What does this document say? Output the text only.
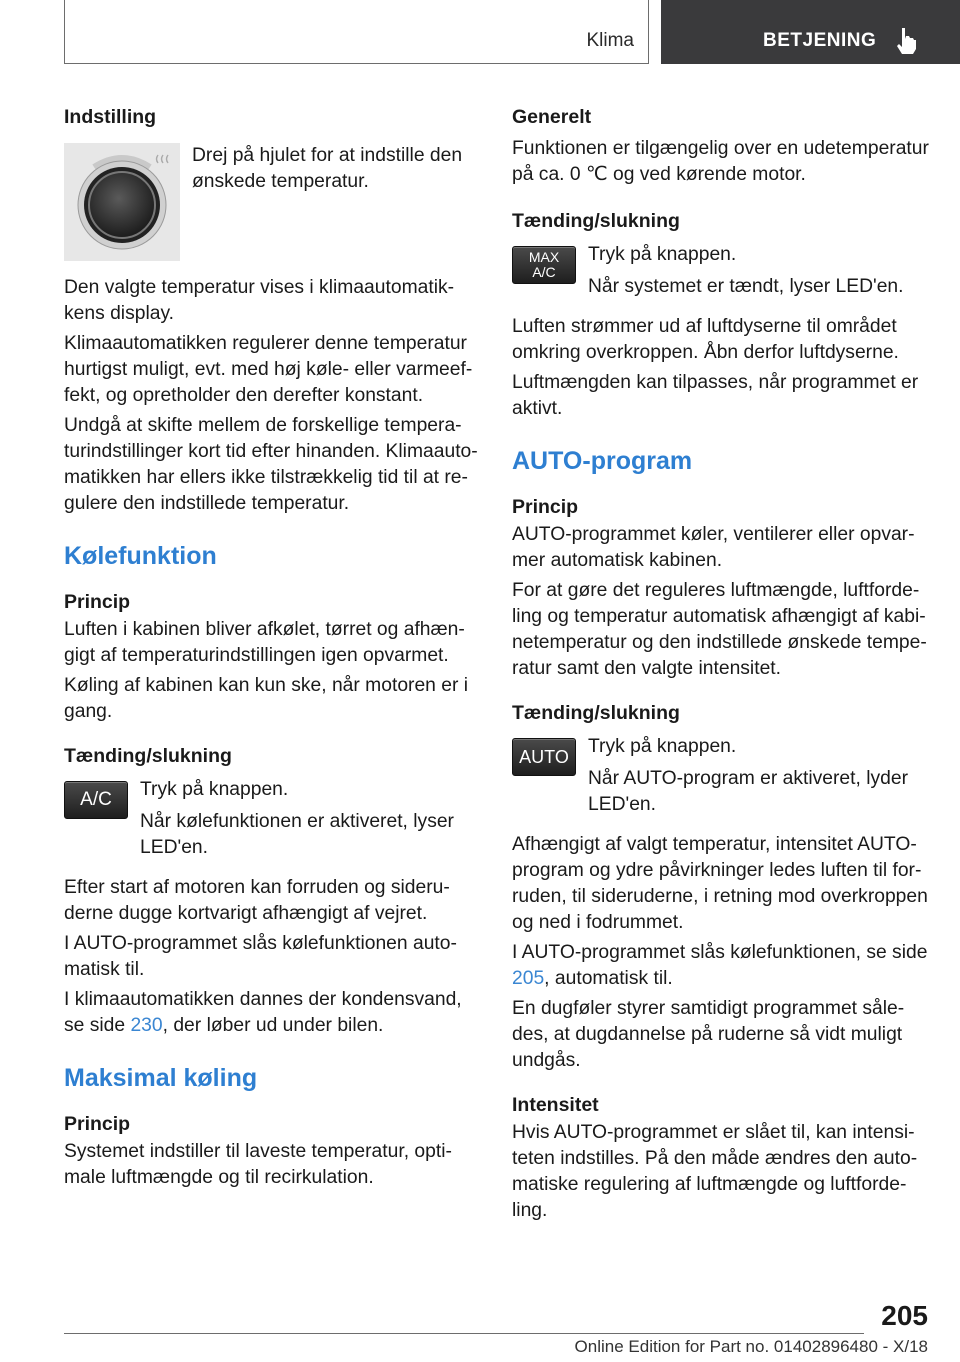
Klima	BETJENING
Indstilling
Drej på hjulet for at indstille den ønskede temperatur.
Den valgte temperatur vises i klimaautomatik-kens display.
Klimaautomatikken regulerer denne temperatur hurtigst muligt, evt. med høj køle- eller varmeef-fekt, og opretholder den derefter konstant.
Undgå at skifte mellem de forskellige tempera-turindstillinger kort tid efter hinanden. Klimaauto-matikken har ellers ikke tilstrækkelig tid til at re-gulere den indstillede temperatur.
Kølefunktion
Princip
Luften i kabinen bliver afkølet, tørret og afhæn-gigt af temperaturindstillingen igen opvarmet.
Køling af kabinen kan kun ske, når motoren er i gang.
Tænding/slukning
A/C	Tryk på knappen.
Når kølefunktionen er aktiveret, lyser LED'en.
Efter start af motoren kan forruden og sideru-derne dugge kortvarigt afhængigt af vejret.
I AUTO-programmet slås kølefunktionen auto-matisk til.
I klimaautomatikken dannes der kondensvand, se side 230, der løber ud under bilen.
Maksimal køling
Princip
Systemet indstiller til laveste temperatur, opti-male luftmængde og til recirkulation.
Generelt
Funktionen er tilgængelig over en udetemperatur på ca. 0 ℃ og ved kørende motor.
Tænding/slukning
MAX
A/C
Tryk på knappen.
Når systemet er tændt, lyser LED'en.
Luften strømmer ud af luftdyserne til området omkring overkroppen. Åbn derfor luftdyserne.
Luftmængden kan tilpasses, når programmet er aktivt.
AUTO-program
Princip
AUTO-programmet køler, ventilerer eller opvar-mer automatisk kabinen.
For at gøre det reguleres luftmængde, luftforde-ling og temperatur automatisk afhængigt af kabi-netemperatur og den indstillede ønskede tempe-ratur samt den valgte intensitet.
Tænding/slukning
AUTO Tryk på knappen.
Når AUTO-program er aktiveret, lyder LED'en.
Afhængigt af valgt temperatur, intensitet AUTO-program og ydre påvirkninger ledes luften til for-ruden, til sideruderne, i retning mod overkroppen og ned i fodrummet.
I AUTO-programmet slås kølefunktionen, se side 205, automatisk til.
En dugføler styrer samtidigt programmet såle-des, at dugdannelse på ruderne så vidt muligt undgås.
Intensitet
Hvis AUTO-programmet er slået til, kan intensi-teten indstilles. På den måde ændres den auto-matiske regulering af luftmængde og luftforde-ling.
205
Online Edition for Part no. 01402896480 - X/18
